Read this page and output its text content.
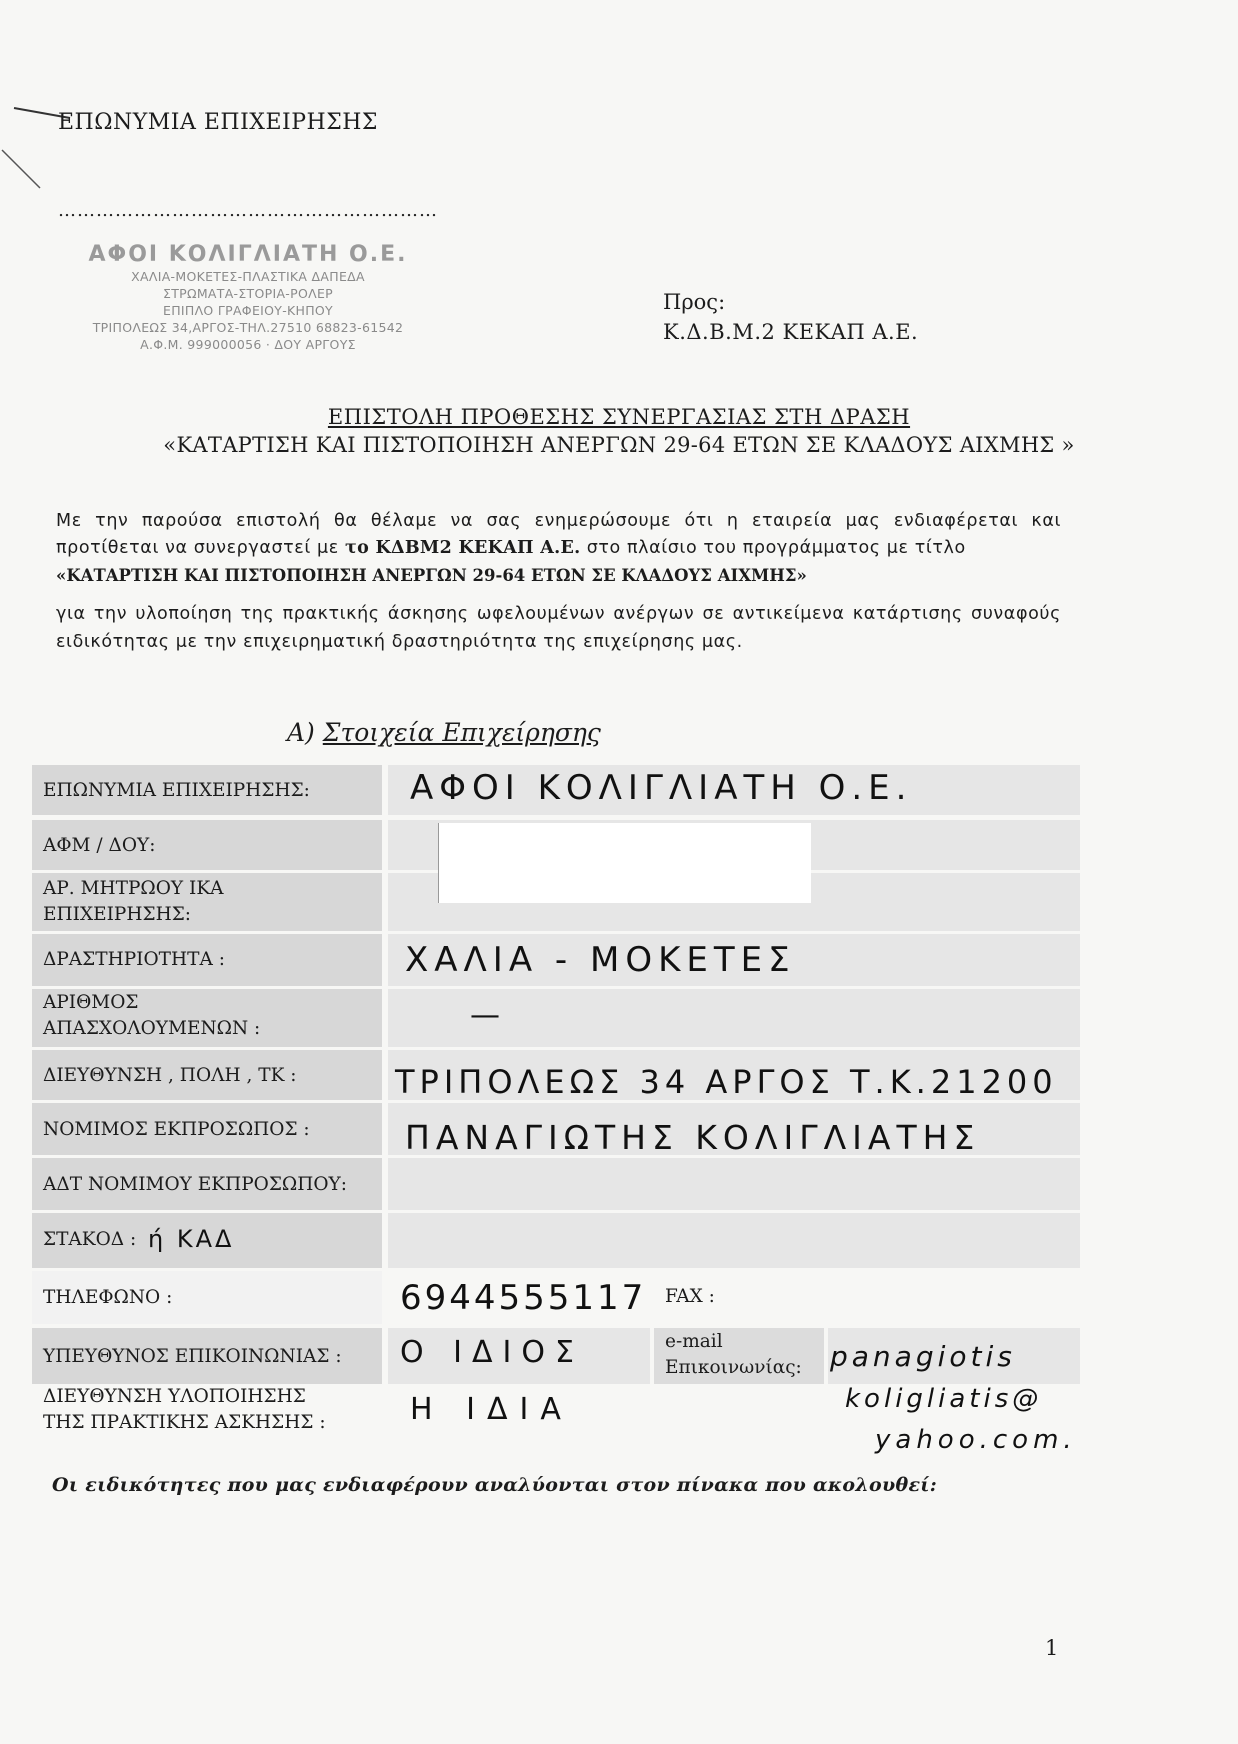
ΕΠΩΝΥΜΙΑ ΕΠΙΧΕΙΡΗΣΗΣ
……………………………………………………
ΑΦΟΙ ΚΟΛΙΓΛΙΑΤΗ Ο.Ε.
ΧΑΛΙΑ-ΜΟΚΕΤΕΣ-ΠΛΑΣΤΙΚΑ ΔΑΠΕΔΑ
ΣΤΡΩΜΑΤΑ-ΣΤΟΡΙΑ-ΡΟΛΕΡ
ΕΠΙΠΛΟ ΓΡΑΦΕΙΟΥ-ΚΗΠΟΥ
ΤΡΙΠΟΛΕΩΣ 34,ΑΡΓΟΣ-ΤΗΛ.27510 68823-61542
Α.Φ.Μ. 999000056 · ΔΟΥ ΑΡΓΟΥΣ
Προς:
Κ.Δ.Β.Μ.2 ΚΕΚΑΠ Α.Ε.
ΕΠΙΣΤΟΛΗ ΠΡΟΘΕΣΗΣ ΣΥΝΕΡΓΑΣΙΑΣ ΣΤΗ ΔΡΑΣΗ
«ΚΑΤΑΡΤΙΣΗ ΚΑΙ ΠΙΣΤΟΠΟΙΗΣΗ ΑΝΕΡΓΩΝ 29-64 ΕΤΩΝ ΣΕ ΚΛΑΔΟΥΣ ΑΙΧΜΗΣ »
Με την παρούσα επιστολή θα θέλαμε να σας ενημερώσουμε ότι η εταιρεία μας ενδιαφέρεται και προτίθεται να συνεργαστεί με το ΚΔΒΜ2 ΚΕΚΑΠ Α.Ε. στο πλαίσιο του προγράμματος με τίτλο
«ΚΑΤΑΡΤΙΣΗ ΚΑΙ ΠΙΣΤΟΠΟΙΗΣΗ ΑΝΕΡΓΩΝ 29-64 ΕΤΩΝ ΣΕ ΚΛΑΔΟΥΣ ΑΙΧΜΗΣ»
για την υλοποίηση της πρακτικής άσκησης ωφελουμένων ανέργων σε αντικείμενα κατάρτισης συναφούς ειδικότητας με την επιχειρηματική δραστηριότητα της επιχείρησης μας.
Α) Στοιχεία Επιχείρησης
ΕΠΩΝΥΜΙΑ ΕΠΙΧΕΙΡΗΣΗΣ:
ΑΦΜ / ΔΟΥ:
ΑΡ. ΜΗΤΡΩΟΥ ΙΚΑ
ΕΠΙΧΕΙΡΗΣΗΣ:
ΔΡΑΣΤΗΡΙΟΤΗΤΑ :
ΑΡΙΘΜΟΣ
ΑΠΑΣΧΟΛΟΥΜΕΝΩΝ :
ΔΙΕΥΘΥΝΣΗ , ΠΟΛΗ , ΤΚ :
ΝΟΜΙΜΟΣ ΕΚΠΡΟΣΩΠΟΣ :
ΑΔΤ ΝΟΜΙΜΟΥ ΕΚΠΡΟΣΩΠΟΥ:
ΣΤΑΚΟΔ :
ΤΗΛΕΦΩΝΟ :
ΥΠΕΥΘΥΝΟΣ ΕΠΙΚΟΙΝΩΝΙΑΣ :
ΔΙΕΥΘΥΝΣΗ ΥΛΟΠΟΙΗΣΗΣ
ΤΗΣ ΠΡΑΚΤΙΚΗΣ ΑΣΚΗΣΗΣ :
FAX :
e-mail
Επικοινωνίας:
ΑΦΟΙ ΚΟΛΙΓΛΙΑΤΗ Ο.Ε.
ΧΑΛΙΑ - ΜΟΚΕΤΕΣ
—
ΤΡΙΠΟΛΕΩΣ 34 ΑΡΓΟΣ Τ.Κ.21200
ΠΑΝΑΓΙΩΤΗΣ ΚΟΛΙΓΛΙΑΤΗΣ
ή ΚΑΔ
6944555117
Ο ΙΔΙΟΣ
Η ΙΔΙΑ
panagiotis
koligliatis@
yahoo.com.
Οι ειδικότητες που μας ενδιαφέρουν αναλύονται στον πίνακα που ακολουθεί:
1
